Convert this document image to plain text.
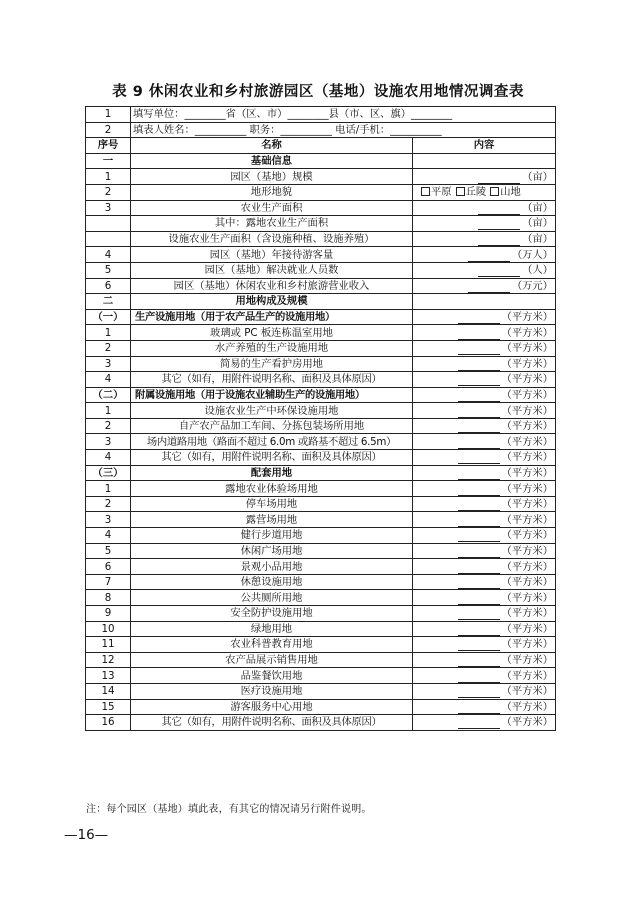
表 9 休闲农业和乡村旅游园区（基地）设施农用地情况调查表
1	填写单位：________省（区、市）________县（市、区、旗）________	
2	填表人姓名：__________ 职务：__________ 电话/手机：__________	
序号	名称	内容
一	基础信息	
1	园区（基地）规模	（亩）
2	地形地貌	平原 丘陵 山地
3	农业生产面积	（亩）
	其中：露地农业生产面积	（亩）
	设施农业生产面积（含设施种植、设施养殖）	（亩）
4	园区（基地）年接待游客量	（万人）
5	园区（基地）解决就业人员数	（人）
6	园区（基地）休闲农业和乡村旅游营业收入	（万元）
二	用地构成及规模	
（一）	生产设施用地（用于农产品生产的设施用地）	（平方米）
1	玻璃或 PC 板连栋温室用地	（平方米）
2	水产养殖的生产设施用地	（平方米）
3	简易的生产看护房用地	（平方米）
4	其它（如有，用附件说明名称、面积及具体原因）	（平方米）
（二）	附属设施用地（用于设施农业辅助生产的设施用地）	（平方米）
1	设施农业生产中环保设施用地	（平方米）
2	自产农产品加工车间、分拣包装场所用地	（平方米）
3	场内道路用地（路面不超过 6.0m 或路基不超过 6.5m）	（平方米）
4	其它（如有，用附件说明名称、面积及具体原因）	（平方米）
（三）	配套用地	（平方米）
1	露地农业体验场用地	（平方米）
2	停车场用地	（平方米）
3	露营场用地	（平方米）
4	健行步道用地	（平方米）
5	休闲广场用地	（平方米）
6	景观小品用地	（平方米）
7	休憩设施用地	（平方米）
8	公共厕所用地	（平方米）
9	安全防护设施用地	（平方米）
10	绿地用地	（平方米）
11	农业科普教育用地	（平方米）
12	农产品展示销售用地	（平方米）
13	品鉴餐饮用地	（平方米）
14	医疗设施用地	（平方米）
15	游客服务中心用地	（平方米）
16	其它（如有，用附件说明名称、面积及具体原因）	（平方米）
注：每个园区（基地）填此表，有其它的情况请另行附件说明。
—16—
